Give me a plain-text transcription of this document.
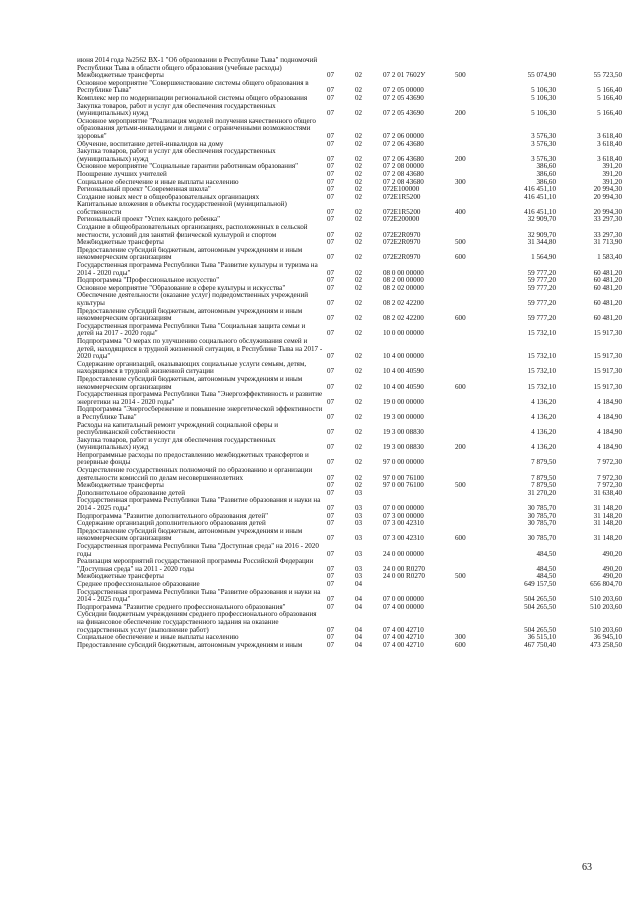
июня 2014 года №2562 ВХ-1 "Об образовании в Республике Тыва" подномочий Республики Тыва в области общего образования (учебные расходы)						
Межбюджетные трансферты	07	02	07 2 01 7602У	500	55 074,90	55 723,50
Основное мероприятие "Совершенствование системы общего образования в Республике Тыва"	07	02	07 2 05 00000		5 106,30	5 166,40
Комплекс мер по модернизации региональной системы общего образования	07	02	07 2 05 43690		5 106,30	5 166,40
Закупка товаров, работ и услуг для обеспечения государственных (муниципальных) нужд	07	02	07 2 05 43690	200	5 106,30	5 166,40
Основное мероприятие "Реализация моделей получения качественного общего образования детьми-инвалидами и лицами с ограниченными возможностями здоровья"	07	02	07 2 06 00000		3 576,30	3 618,40
Обучение, воспитание детей-инвалидов на дому	07	02	07 2 06 43680		3 576,30	3 618,40
Закупка товаров, работ и услуг для обеспечения государственных (муниципальных) нужд	07	02	07 2 06 43680	200	3 576,30	3 618,40
Основное мероприятие "Социальные гарантии работникам образования"	07	02	07 2 08 00000		386,60	391,20
Поощрение лучших учителей	07	02	07 2 08 43680		386,60	391,20
Социальное обеспечение и иные выплаты населению	07	02	07 2 08 43680	300	386,60	391,20
Региональный проект "Современная школа"	07	02	072E100000		416 451,10	20 994,30
Создание новых мест в общеобразовательных организациях	07	02	072E1R5200		416 451,10	20 994,30
Капитальные вложения в объекты государственной (муниципальной) собственности	07	02	072E1R5200	400	416 451,10	20 994,30
Региональный проект "Успех каждого ребенка"	07	02	072E200000		32 909,70	33 297,30
Создание в общеобразовательных организациях, расположенных в сельской местности, условий для занятий физической культурой и спортом	07	02	072E2R0970		32 909,70	33 297,30
Межбюджетные трансферты	07	02	072E2R0970	500	31 344,80	31 713,90
Предоставление субсидий бюджетным, автономным учреждениям и иным некоммерческим организациям	07	02	072E2R0970	600	1 564,90	1 583,40
Государственная программа Республики Тыва "Развитие культуры и туризма на 2014 - 2020 годы"	07	02	08 0 00 00000		59 777,20	60 481,20
Подпрограмма "Профессиональное искусство"	07	02	08 2 00 00000		59 777,20	60 481,20
Основное мероприятие "Образование в сфере культуры и искусства"	07	02	08 2 02 00000		59 777,20	60 481,20
Обеспечение деятельности (оказание услуг) подведомственных учреждений культуры	07	02	08 2 02 42200		59 777,20	60 481,20
Предоставление субсидий бюджетным, автономным учреждениям и иным некоммерческим организациям	07	02	08 2 02 42200	600	59 777,20	60 481,20
Государственная программа Республики Тыва "Социальная защита семьи и детей на 2017 - 2020 годы"	07	02	10 0 00 00000		15 732,10	15 917,30
Подпрограмма "О мерах по улучшению социального обслуживания семей и детей, находящихся в трудной жизненной ситуации, в Республике Тыва на 2017 - 2020 годы"	07	02	10 4 00 00000		15 732,10	15 917,30
Содержание организаций, оказывающих социальные услуги семьям, детям, находящимся в трудной жизненной ситуации	07	02	10 4 00 40590		15 732,10	15 917,30
Предоставление субсидий бюджетным, автономным учреждениям и иным некоммерческим организациям	07	02	10 4 00 40590	600	15 732,10	15 917,30
Государственная программа Республики Тыва "Энергоэффективность и развитие энергетики на 2014 - 2020 годы"	07	02	19 0 00 00000		4 136,20	4 184,90
Подпрограмма "Энергосбережение и повышение энергетической эффективности в Республике Тыва"	07	02	19 3 00 00000		4 136,20	4 184,90
Расходы на капитальный ремонт учреждений социальной сферы и республиканской собственности	07	02	19 3 00 08830		4 136,20	4 184,90
Закупка товаров, работ и услуг для обеспечения государственных (муниципальных) нужд	07	02	19 3 00 08830	200	4 136,20	4 184,90
Непрограммные расходы по предоставлению межбюджетных трансфертов и резервные фонды	07	02	97 0 00 00000		7 879,50	7 972,30
Осуществление государственных полномочий по образованию и организации деятельности комиссий по делам несовершеннолетних	07	02	97 0 00 76100		7 879,50	7 972,30
Межбюджетные трансферты	07	02	97 0 00 76100	500	7 879,50	7 972,30
Дополнительное образование детей	07	03			31 270,20	31 638,40
Государственная программа Республики Тыва "Развитие образования и науки на 2014 - 2025 годы"	07	03	07 0 00 00000		30 785,70	31 148,20
Подпрограмма "Развитие дополнительного образования детей"	07	03	07 3 00 00000		30 785,70	31 148,20
Содержание организаций дополнительного образования детей	07	03	07 3 00 42310		30 785,70	31 148,20
Предоставление субсидий бюджетным, автономным учреждениям и иным некоммерческим организациям	07	03	07 3 00 42310	600	30 785,70	31 148,20
Государственная программа Республики Тыва "Доступная среда" на 2016 - 2020 годы	07	03	24 0 00 00000		484,50	490,20
Реализация мероприятий государственной программы Российской Федерации "Доступная среда" на 2011 - 2020 годы	07	03	24 0 00 R0270		484,50	490,20
Межбюджетные трансферты	07	03	24 0 00 R0270	500	484,50	490,20
Среднее профессиональное образование	07	04			649 157,50	656 804,70
Государственная программа Республики Тыва "Развитие образования и науки на 2014 - 2025 годы"	07	04	07 0 00 00000		504 265,50	510 203,60
Подпрограмма "Развитие среднего профессионального образования"	07	04	07 4 00 00000		504 265,50	510 203,60
Субсидии бюджетным учреждениям среднего профессионального образования на финансовое обеспечение государственного задания на оказание государственных услуг (выполнение работ)	07	04	07 4 00 42710		504 265,50	510 203,60
Социальное обеспечение и иные выплаты населению	07	04	07 4 00 42710	300	36 515,10	36 945,10
Предоставление субсидий бюджетным, автономным учреждениям и иным	07	04	07 4 00 42710	600	467 750,40	473 258,50
63
